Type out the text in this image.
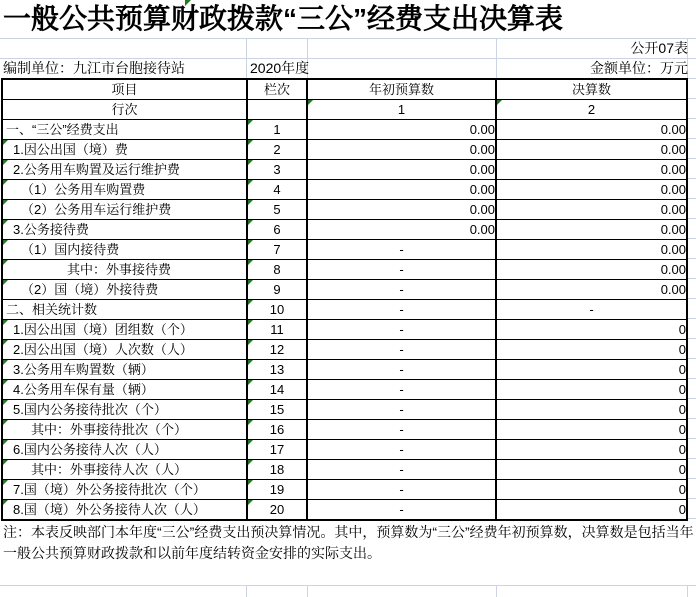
一般公共预算财政拨款“三公”经费支出决算表
公开07表
编制单位：九江市台胞接待站	2020年度	金额单位：万元
项目	栏次	年初预算数	决算数
行次		1	2
一、“三公”经费支出	1	0.00	0.00

1.因公出国（境）费	2	0.00	0.00

2.公务用车购置及运行维护费	3	0.00	0.00

（1）公务用车购置费	4	0.00	0.00

（2）公务用车运行维护费	5	0.00	0.00

3.公务接待费	6	0.00	0.00

（1）国内接待费	7	-	0.00

其中：外事接待费	8	-	0.00

（2）国（境）外接待费	9	-	0.00
二、相关统计数	10	-	-

1.因公出国（境）团组数（个）	11	-	0

2.因公出国（境）人次数（人）	12	-	0

3.公务用车购置数（辆）	13	-	0

4.公务用车保有量（辆）	14	-	0

5.国内公务接待批次（个）	15	-	0

其中：外事接待批次（个）	16	-	0

6.国内公务接待人次（人）	17	-	0

其中：外事接待人次（人）	18	-	0

7.国（境）外公务接待批次（个）	19	-	0

8.国（境）外公务接待人次（人）	20	-	0
注：本表反映部门本年度“三公”经费支出预决算情况。其中，预算数为“三公”经费年初预算数，决算数是包括当年
一般公共预算财政拨款和以前年度结转资金安排的实际支出。
